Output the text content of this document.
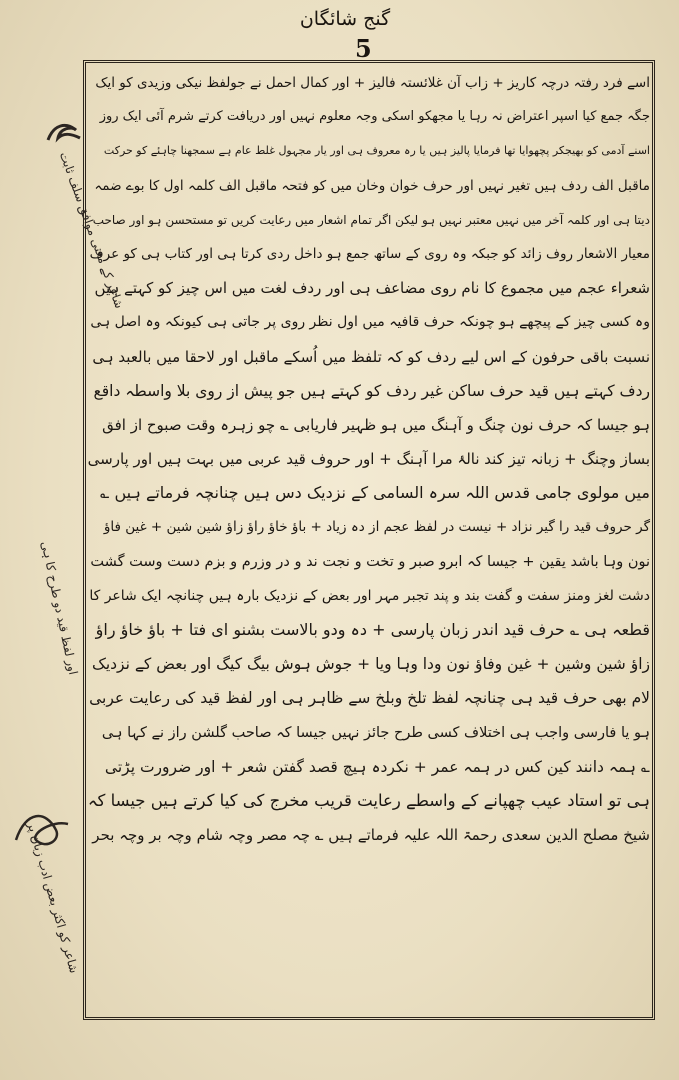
گنج شائگان
5
شاعر کے معنی موافق سلف ثابت
اور لفظ قید دو طرح کا ہی
شاعر کو اکثر بعض ادب زبان پر
اسے فرد رفتہ درچہ کاریز + زاب آن غلائستہ فالیز + اور کمال احمل نے جولفظ نیکی وزیدی کو ایک
جگہ جمع کیا اسپر اعتراض نہ رہا یا مجھکو اسکی وجہ معلوم نہیں اور دریافت کرتے شرم آئی ایک روز
اسنے آدمی کو بھیجکر پچھوایا تھا فرمایا پالیز ہیں یا رہ معروف ہی اور یار مجہول غلط عام ہے سمجھنا چاہئے کو حرکت
ماقبل الف ردف ہیں تغیر نہیں اور حرف خوان وخان میں کو فتحہ ماقبل الف کلمہ اول کا بوے ضمہ
دیتا ہی اور کلمہ آخر میں نہیں معتبر نہیں ہو لیکن اگر تمام اشعار میں رعایت کریں تو مستحسن ہو اور صاحب
معیار الاشعار روف زائد کو جبکہ وہ روی کے ساتھ جمع ہو داخل ردی کرتا ہی اور کتاب ہی کو عرف
شعراء عجم میں مجموع کا نام روی مضاعف ہی اور ردف لغت میں اس چیز کو کہتے ہیں
وہ کسی چیز کے پیچھے ہو چونکہ حرف قافیہ میں اول نظر روی پر جاتی ہی کیونکہ وہ اصل ہی
نسبت باقی حرفون کے اس لیے ردف کو کہ تلفظ میں اُسکے ماقبل اور لاحقا میں بالعبد ہی
ردف کہتے ہیں قید حرف ساکن غیر ردف کو کہتے ہیں جو پیش از روی بلا واسطہ داقع
ہو جیسا کہ حرف نون چنگ و آہنگ میں ہو ظہیر فاریابی ؎ چو زہرہ وقت صبوح از افق
بساز وچنگ + زبانہ تیز کند نالۂ مرا آہنگ + اور حروف قید عربی میں بہت ہیں اور پارسی
میں مولوی جامی قدس اللہ سرہ السامی کے نزدیک دس ہیں چنانچہ فرماتے ہیں ؎
گر حروف قید را گیر نزاد + نیست در لفظ عجم از دہ زیاد + باؤ خاؤ راؤ زاؤ شین شین + غین فاؤ
نون وہا باشد یقین + جیسا کہ ابرو صبر و تخت و نجت ند و در وزرم و بزم دست وست گشت
دشت لغز ومنز سفت و گفت بند و پند تجبر مہر اور بعض کے نزدیک بارہ ہیں چنانچہ ایک شاعر کا
قطعہ ہی ؎ حرف قید اندر زبان پارسی + دہ ودو بالاست بشنو ای فتا + باؤ خاؤ راؤ
زاؤ شین وشین + غین وفاؤ نون ودا وہا ویا + جوش ہوش بیگ کیگ اور بعض کے نزدیک
لام بھی حرف قید ہی چنانچہ لفظ تلخ وبلخ سے ظاہر ہی اور لفظ قید کی رعایت عربی
ہو یا فارسی واجب ہی اختلاف کسی طرح جائز نہیں جیسا کہ صاحب گلشن راز نے کہا ہی
؎ ہمہ دانند کین کس در ہمہ عمر + نکردہ ہیچ قصد گفتن شعر + اور ضرورت پڑتی
ہی تو استاد عیب چھپانے کے واسطے رعایت قریب مخرج کی کیا کرتے ہیں جیسا کہ
شیخ مصلح الدین سعدی رحمۃ اللہ علیہ فرماتے ہیں ؎ چہ مصر وچہ شام وچہ بر وچہ بحر
